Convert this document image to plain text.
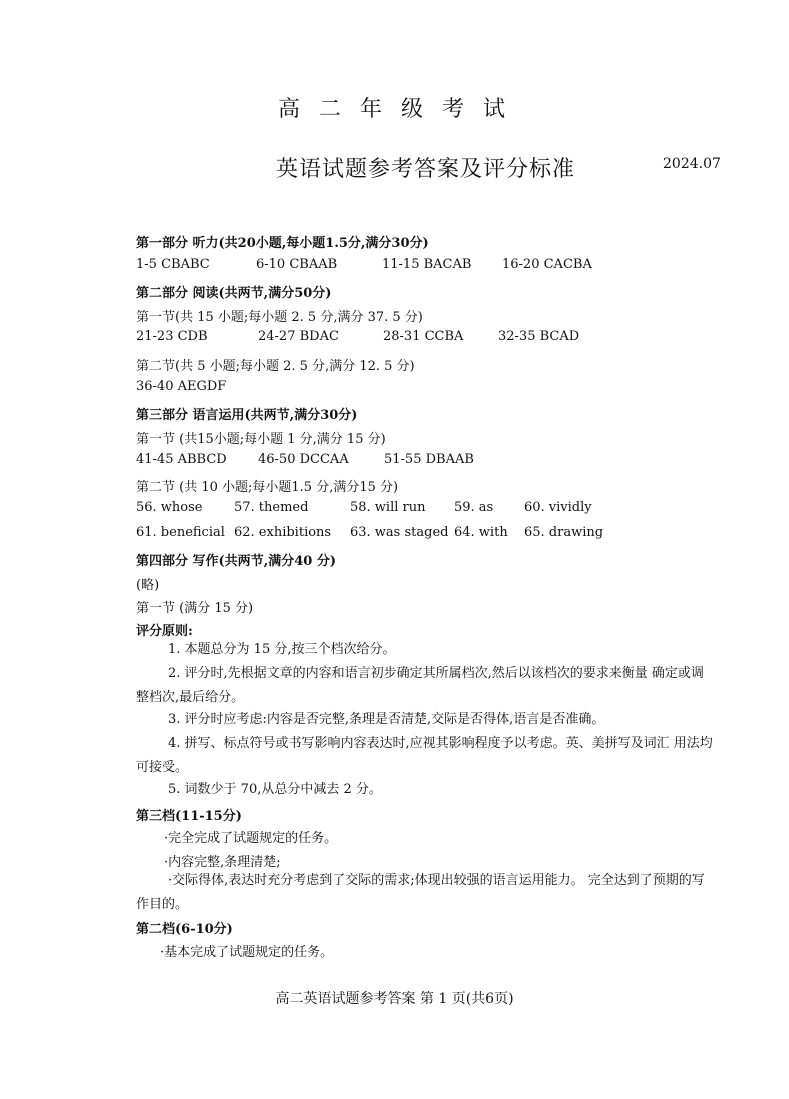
高 二 年 级 考 试
英语试题参考答案及评分标准	2024.07
第一部分 听力(共20小题,每小题1.5分,满分30分)
1-5 CBABC	6-10 CBAAB	11-15 BACAB 16-20 CACBA
第二部分 阅读(共两节,满分50分)
第一节(共 15 小题;每小题 2. 5 分,满分 37. 5 分)
21-23 CDB	24-27 BDAC	28-31 CCBA	32-35 BCAD
第二节(共 5 小题;每小题 2. 5 分,满分 12. 5 分)
36-40 AEGDF
第三部分 语言运用(共两节,满分30分)
第一节 (共15小题;每小题 1 分,满分 15 分)
41-45 ABBCD 46-50 DCCAA	51-55 DBAAB
第二节 (共 10 小题;每小题1.5 分,满分15 分)
56. whose 57. themed	58. will run 59. as 60. vividly
61. beneficial 62. exhibitions 63. was staged 64. with 65. drawing
第四部分 写作(共两节,满分40 分)
(略)
第一节 (满分 15 分)
评分原则:
1. 本题总分为 15 分,按三个档次给分。
2. 评分时,先根据文章的内容和语言初步确定其所属档次,然后以该档次的要求来衡量 确定或调整档次,最后给分。
3. 评分时应考虑:内容是否完整,条理是否清楚,交际是否得体,语言是否准确。
4. 拼写、标点符号或书写影响内容表达时,应视其影响程度予以考虑。英、美拼写及词汇 用法均可接受。
5. 词数少于 70,从总分中减去 2 分。
第三档(11-15分)
·完全完成了试题规定的任务。
·内容完整,条理清楚;
·交际得体,表达时充分考虑到了交际的需求;体现出较强的语言运用能力。 完全达到了预期的写作目的。
第二档(6-10分)
·基本完成了试题规定的任务。
高二英语试题参考答案 第 1 页(共6页)
